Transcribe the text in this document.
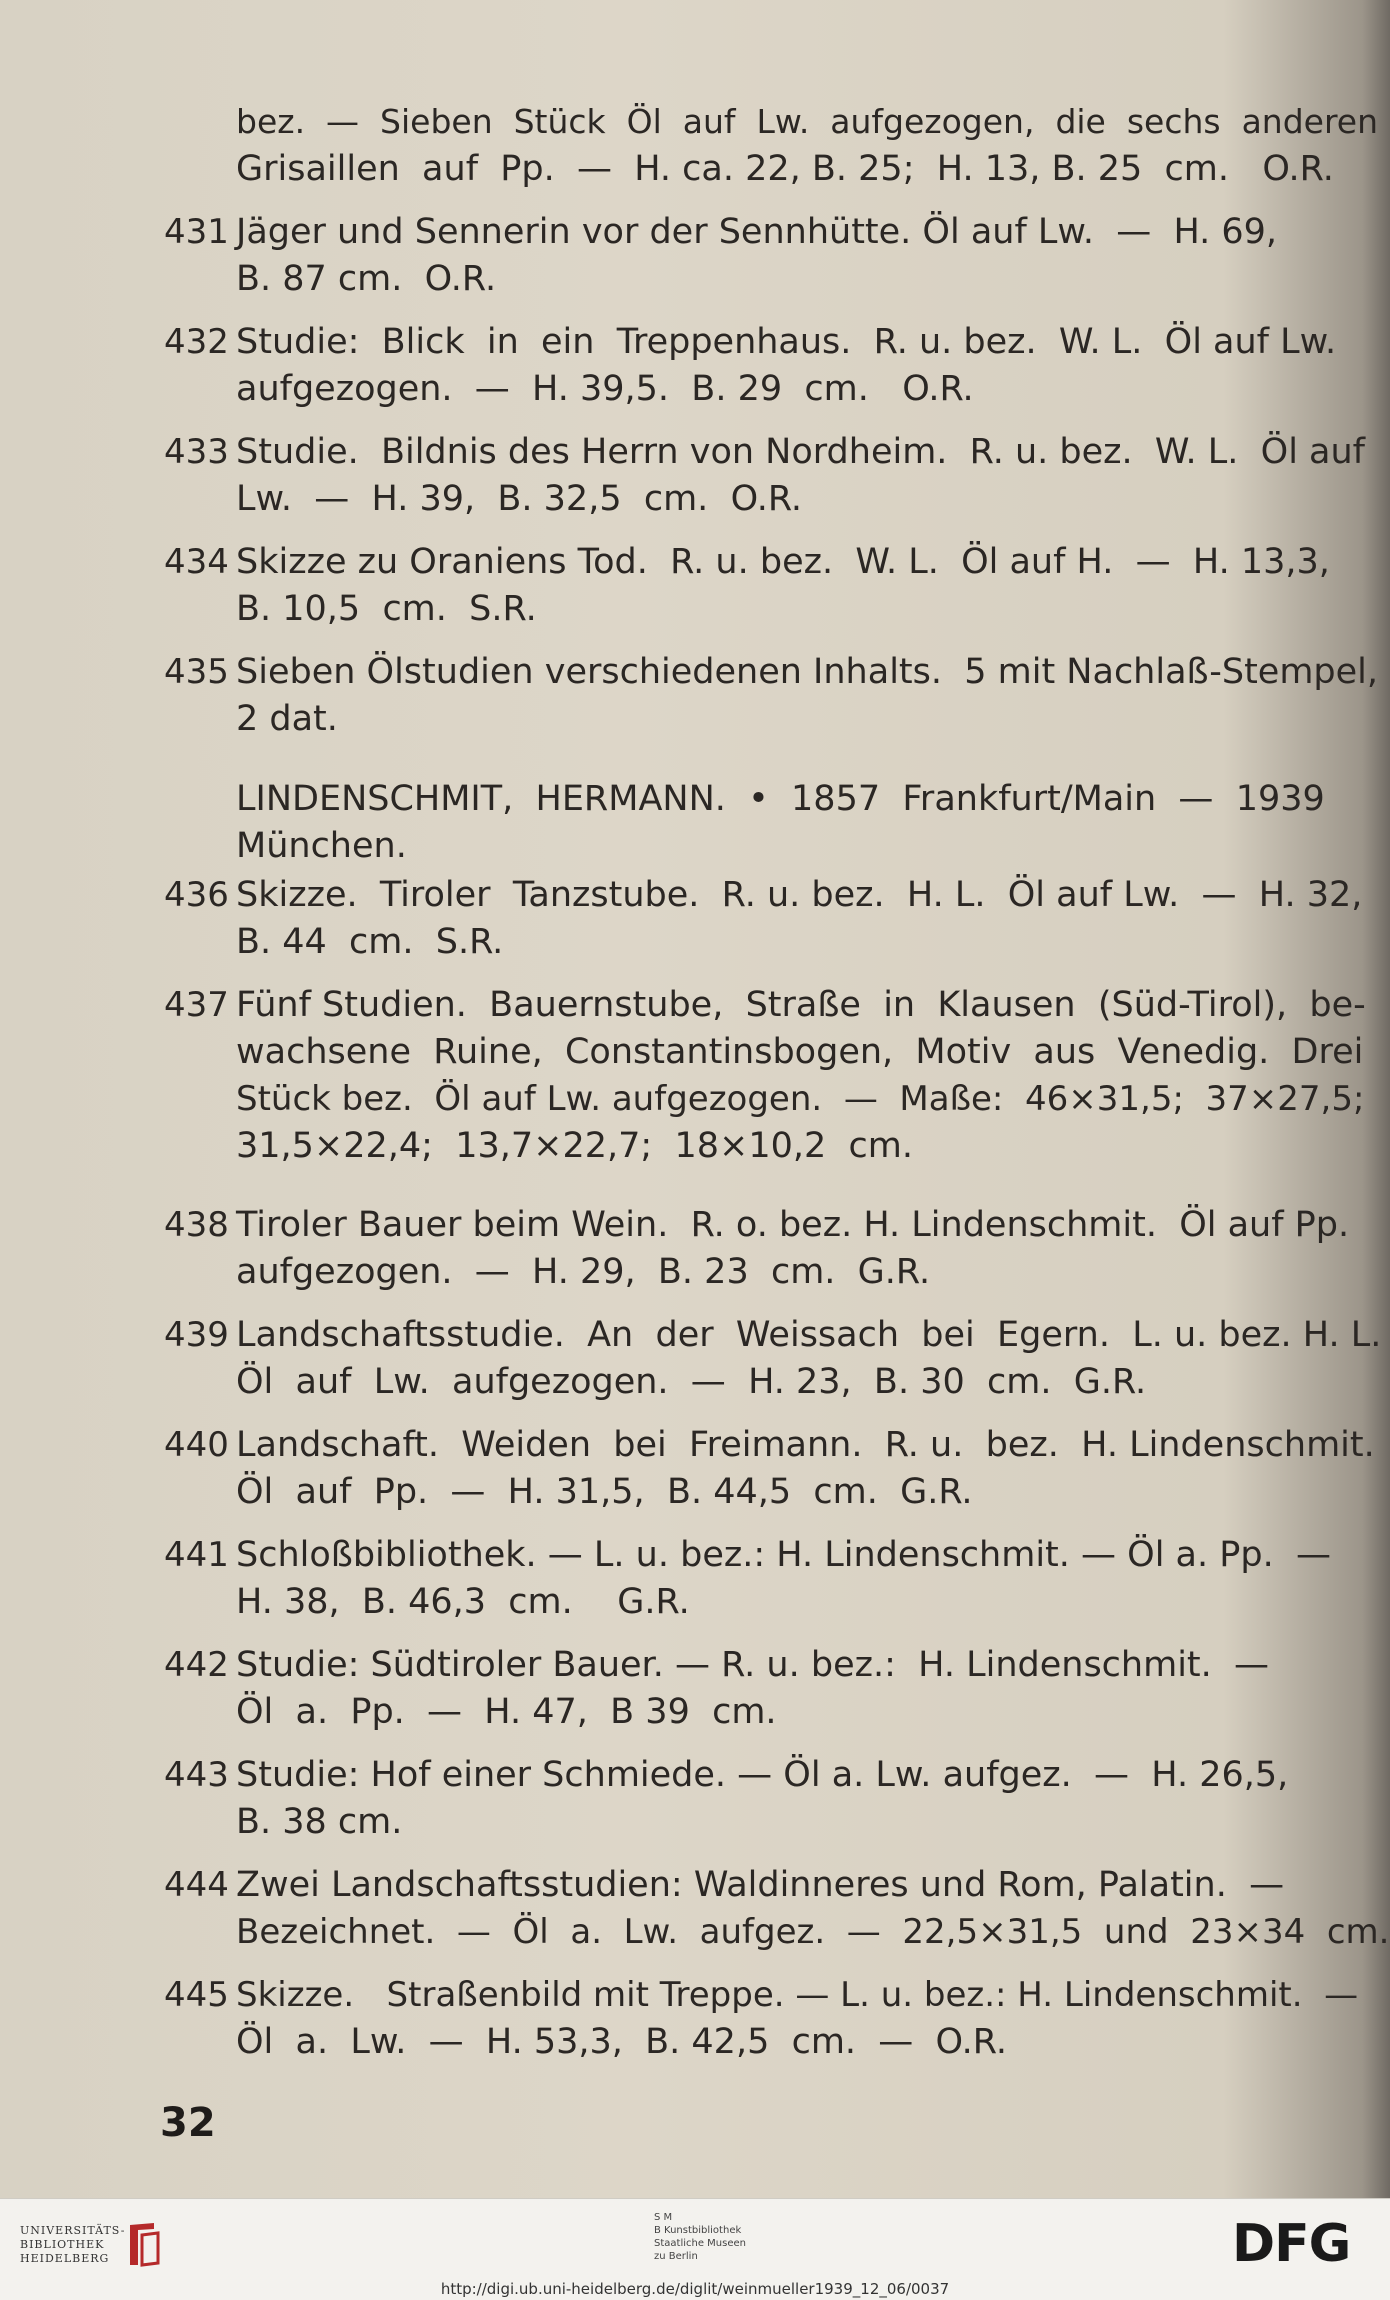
bez.  —  Sieben  Stück  Öl  auf  Lw.  aufgezogen,  die  sechs  anderen
Grisaillen  auf  Pp.  —  H. ca. 22, B. 25;  H. 13, B. 25  cm.   O.R.
Jäger und Sennerin vor der Sennhütte. Öl auf Lw.  —  H. 69,
B. 87 cm.  O.R.
Studie:  Blick  in  ein  Treppenhaus.  R. u. bez.  W. L.  Öl auf Lw.
aufgezogen.  —  H. 39,5.  B. 29  cm.   O.R.
Studie.  Bildnis des Herrn von Nordheim.  R. u. bez.  W. L.  Öl auf
Lw.  —  H. 39,  B. 32,5  cm.  O.R.
Skizze zu Oraniens Tod.  R. u. bez.  W. L.  Öl auf H.  —  H. 13,3,
B. 10,5  cm.  S.R.
Sieben Ölstudien verschiedenen Inhalts.  5 mit Nachlaß-Stempel,
2 dat.
LINDENSCHMIT,  HERMANN.  •  1857  Frankfurt/Main  —  1939
München.
Skizze.  Tiroler  Tanzstube.  R. u. bez.  H. L.  Öl auf Lw.  —  H. 32,
B. 44  cm.  S.R.
Fünf Studien.  Bauernstube,  Straße  in  Klausen  (Süd-Tirol),  be-
wachsene  Ruine,  Constantinsbogen,  Motiv  aus  Venedig.  Drei
Stück bez.  Öl auf Lw. aufgezogen.  —  Maße:  46×31,5;  37×27,5;
31,5×22,4;  13,7×22,7;  18×10,2  cm.
Tiroler Bauer beim Wein.  R. o. bez. H. Lindenschmit.  Öl auf Pp.
aufgezogen.  —  H. 29,  B. 23  cm.  G.R.
Landschaftsstudie.  An  der  Weissach  bei  Egern.  L. u. bez. H. L.
Öl  auf  Lw.  aufgezogen.  —  H. 23,  B. 30  cm.  G.R.
Landschaft.  Weiden  bei  Freimann.  R. u.  bez.  H. Lindenschmit.
Öl  auf  Pp.  —  H. 31,5,  B. 44,5  cm.  G.R.
Schloßbibliothek. — L. u. bez.: H. Lindenschmit. — Öl a. Pp.  —
H. 38,  B. 46,3  cm.    G.R.
Studie: Südtiroler Bauer. — R. u. bez.:  H. Lindenschmit.  —
Öl  a.  Pp.  —  H. 47,  B 39  cm.
Studie: Hof einer Schmiede. — Öl a. Lw. aufgez.  —  H. 26,5,
B. 38 cm.
Zwei Landschaftsstudien: Waldinneres und Rom, Palatin.  —
Bezeichnet.  —  Öl  a.  Lw.  aufgez.  —  22,5×31,5  und  23×34  cm.
Skizze.   Straßenbild mit Treppe. — L. u. bez.: H. Lindenschmit.  —
Öl  a.  Lw.  —  H. 53,3,  B. 42,5  cm.  —  O.R.
32
UNIVERSITÄTS-
BIBLIOTHEK
HEIDELBERG
S M
B Kunstbibliothek
Staatliche Museen
zu Berlin	DFG
http://digi.ub.uni-heidelberg.de/diglit/weinmueller1939_12_06/0037
431
432
433
434
435
436
437
438
439
440
441
442
443
444
445
